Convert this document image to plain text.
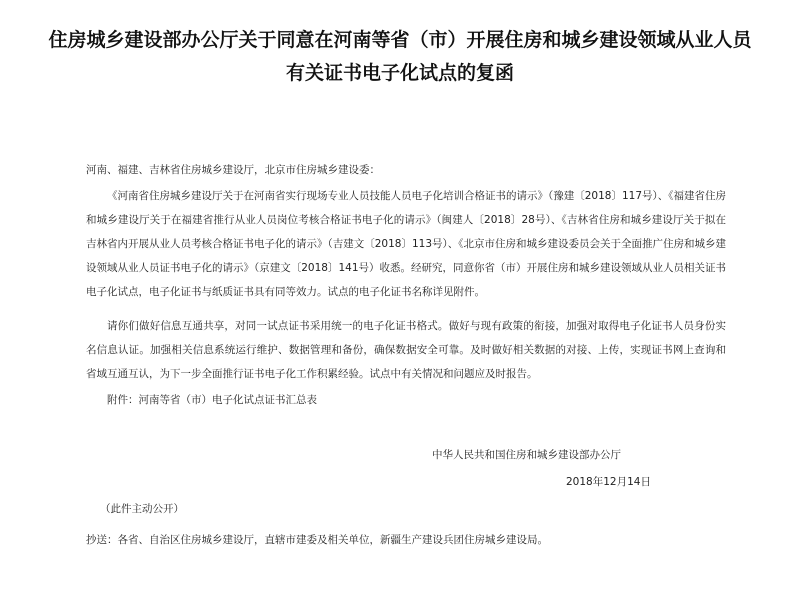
住房城乡建设部办公厅关于同意在河南等省（市）开展住房和城乡建设领域从业人员
有关证书电子化试点的复函

河南、福建、吉林省住房城乡建设厅，北京市住房城乡建设委：

《河南省住房城乡建设厅关于在河南省实行现场专业人员技能人员电子化培训合格证书的请示》（豫建〔2018〕117号）、《福建省住房和城乡建设厅关于在福建省推行从业人员岗位考核合格证书电子化的请示》（闽建人〔2018〕28号）、《吉林省住房和城乡建设厅关于拟在吉林省内开展从业人员考核合格证书电子化的请示》（吉建文〔2018〕113号）、《北京市住房和城乡建设委员会关于全面推广住房和城乡建设领域从业人员证书电子化的请示》（京建文〔2018〕141号）收悉。经研究，同意你省（市）开展住房和城乡建设领域从业人员相关证书电子化试点，电子化证书与纸质证书具有同等效力。试点的电子化证书名称详见附件。

请你们做好信息互通共享，对同一试点证书采用统一的电子化证书格式。做好与现有政策的衔接，加强对取得电子化证书人员身份实名信息认证。加强相关信息系统运行维护、数据管理和备份，确保数据安全可靠。及时做好相关数据的对接、上传，实现证书网上查询和省域互通互认，为下一步全面推行证书电子化工作积累经验。试点中有关情况和问题应及时报告。

附件：河南等省（市）电子化试点证书汇总表

中华人民共和国住房和城乡建设部办公厅

2018年12月14日

（此件主动公开）

抄送：各省、自治区住房城乡建设厅，直辖市建委及相关单位，新疆生产建设兵团住房城乡建设局。
